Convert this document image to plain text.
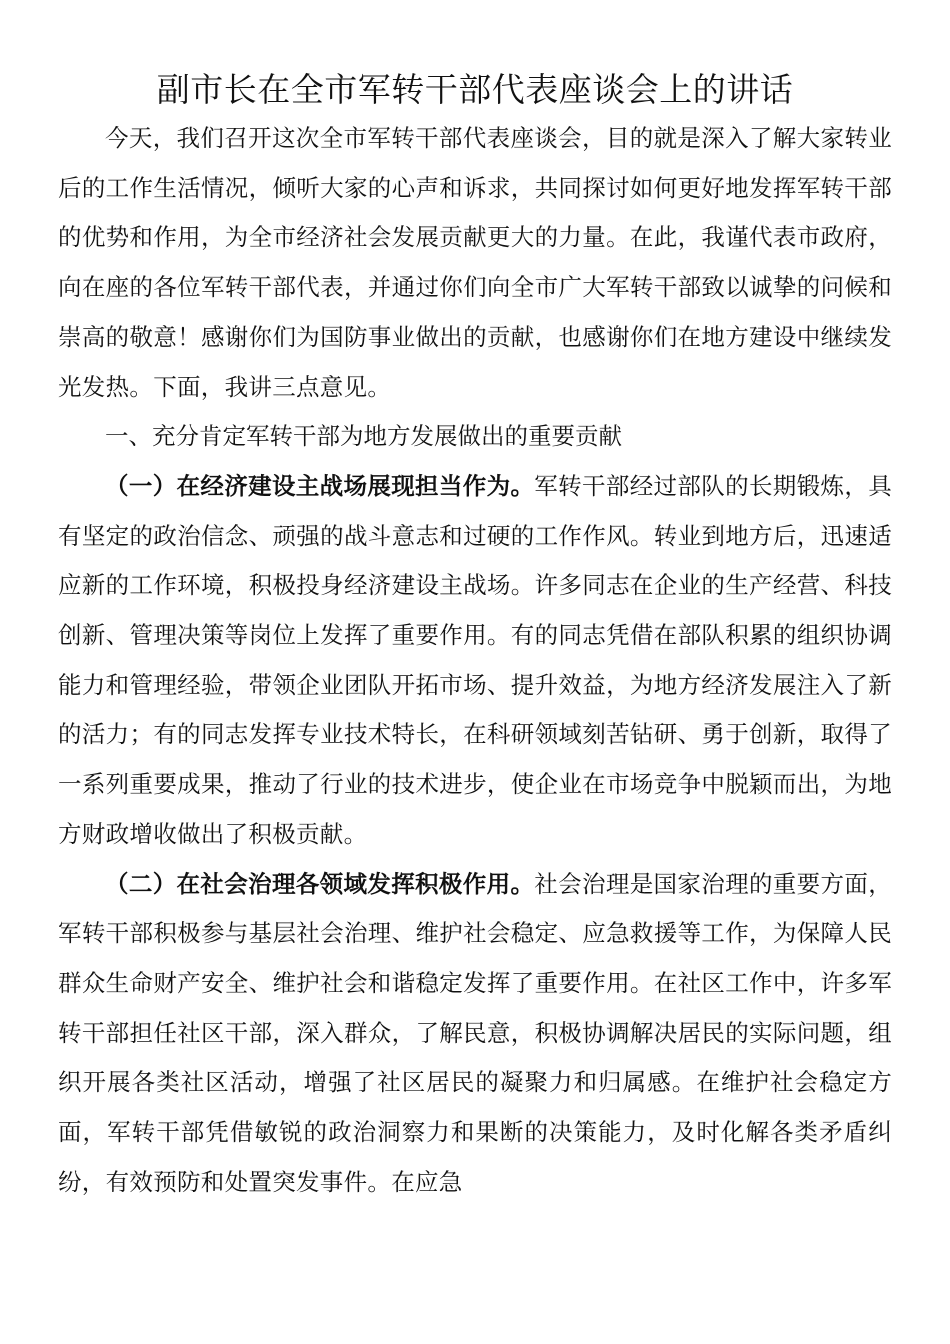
副市长在全市军转干部代表座谈会上的讲话

今天，我们召开这次全市军转干部代表座谈会，目的就是深入了解大家转业后的工作生活情况，倾听大家的心声和诉求，共同探讨如何更好地发挥军转干部的优势和作用，为全市经济社会发展贡献更大的力量。在此，我谨代表市政府，向在座的各位军转干部代表，并通过你们向全市广大军转干部致以诚挚的问候和崇高的敬意！感谢你们为国防事业做出的贡献，也感谢你们在地方建设中继续发光发热。下面，我讲三点意见。

一、充分肯定军转干部为地方发展做出的重要贡献

（一）在经济建设主战场展现担当作为。军转干部经过部队的长期锻炼，具有坚定的政治信念、顽强的战斗意志和过硬的工作作风。转业到地方后，迅速适应新的工作环境，积极投身经济建设主战场。许多同志在企业的生产经营、科技创新、管理决策等岗位上发挥了重要作用。有的同志凭借在部队积累的组织协调能力和管理经验，带领企业团队开拓市场、提升效益，为地方经济发展注入了新的活力；有的同志发挥专业技术特长，在科研领域刻苦钻研、勇于创新，取得了一系列重要成果，推动了行业的技术进步，使企业在市场竞争中脱颖而出，为地方财政增收做出了积极贡献。

（二）在社会治理各领域发挥积极作用。社会治理是国家治理的重要方面，军转干部积极参与基层社会治理、维护社会稳定、应急救援等工作，为保障人民群众生命财产安全、维护社会和谐稳定发挥了重要作用。在社区工作中，许多军转干部担任社区干部，深入群众，了解民意，积极协调解决居民的实际问题，组织开展各类社区活动，增强了社区居民的凝聚力和归属感。在维护社会稳定方面，军转干部凭借敏锐的政治洞察力和果断的决策能力，及时化解各类矛盾纠纷，有效预防和处置突发事件。在应急
